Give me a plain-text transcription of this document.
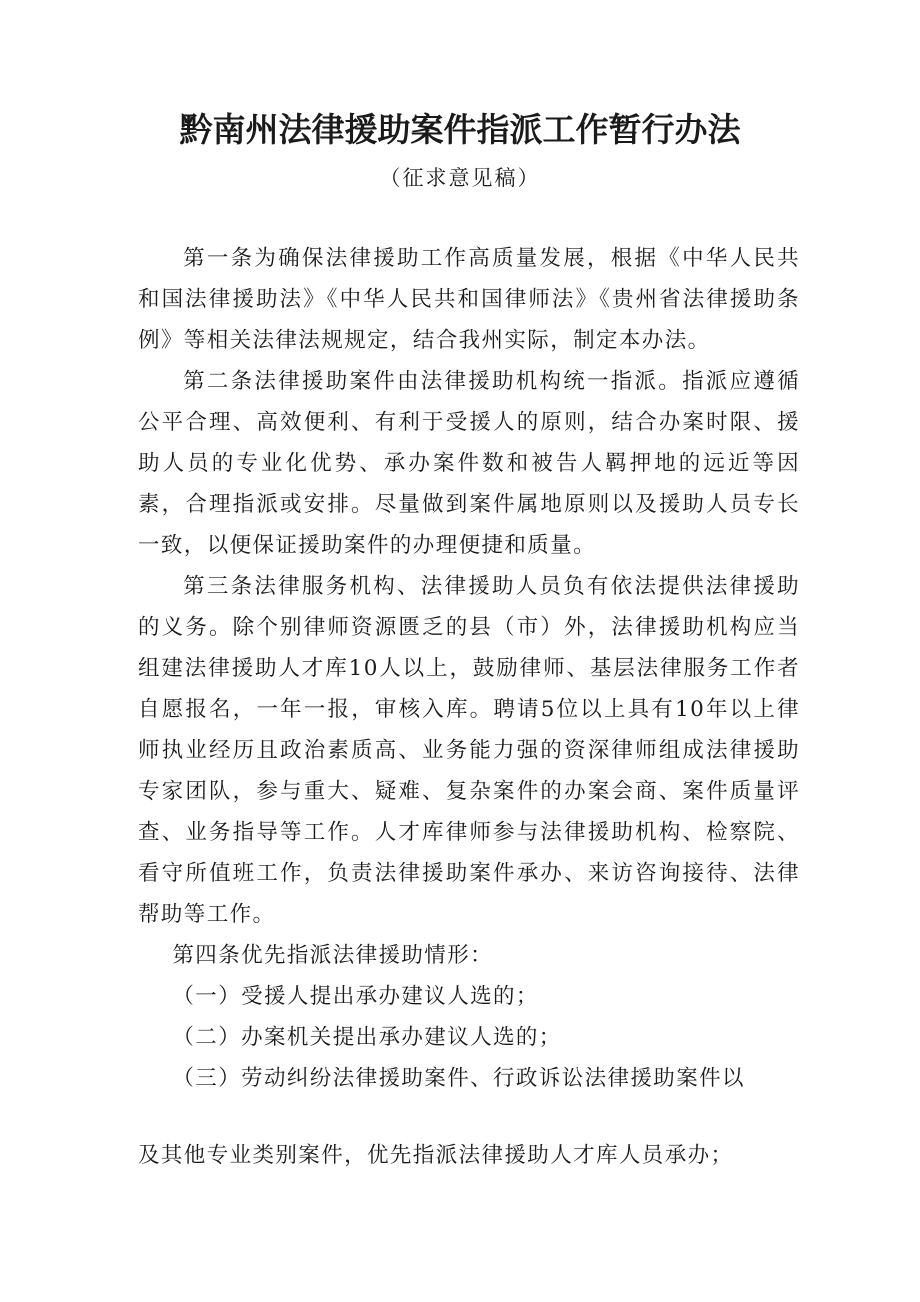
黔南州法律援助案件指派工作暂行办法
（征求意见稿）

第一条为确保法律援助工作高质量发展，根据《中华人民共和国法律援助法》《中华人民共和国律师法》《贵州省法律援助条例》等相关法律法规规定，结合我州实际，制定本办法。

第二条法律援助案件由法律援助机构统一指派。指派应遵循公平合理、高效便利、有利于受援人的原则，结合办案时限、援助人员的专业化优势、承办案件数和被告人羁押地的远近等因素，合理指派或安排。尽量做到案件属地原则以及援助人员专长一致，以便保证援助案件的办理便捷和质量。

第三条法律服务机构、法律援助人员负有依法提供法律援助的义务。除个别律师资源匮乏的县（市）外，法律援助机构应当组建法律援助人才库10人以上，鼓励律师、基层法律服务工作者自愿报名，一年一报，审核入库。聘请5位以上具有10年以上律师执业经历且政治素质高、业务能力强的资深律师组成法律援助专家团队，参与重大、疑难、复杂案件的办案会商、案件质量评查、业务指导等工作。人才库律师参与法律援助机构、检察院、看守所值班工作，负责法律援助案件承办、来访咨询接待、法律帮助等工作。

第四条优先指派法律援助情形：

（一）受援人提出承办建议人选的；

（二）办案机关提出承办建议人选的；

（三）劳动纠纷法律援助案件、行政诉讼法律援助案件以

及其他专业类别案件，优先指派法律援助人才库人员承办；
